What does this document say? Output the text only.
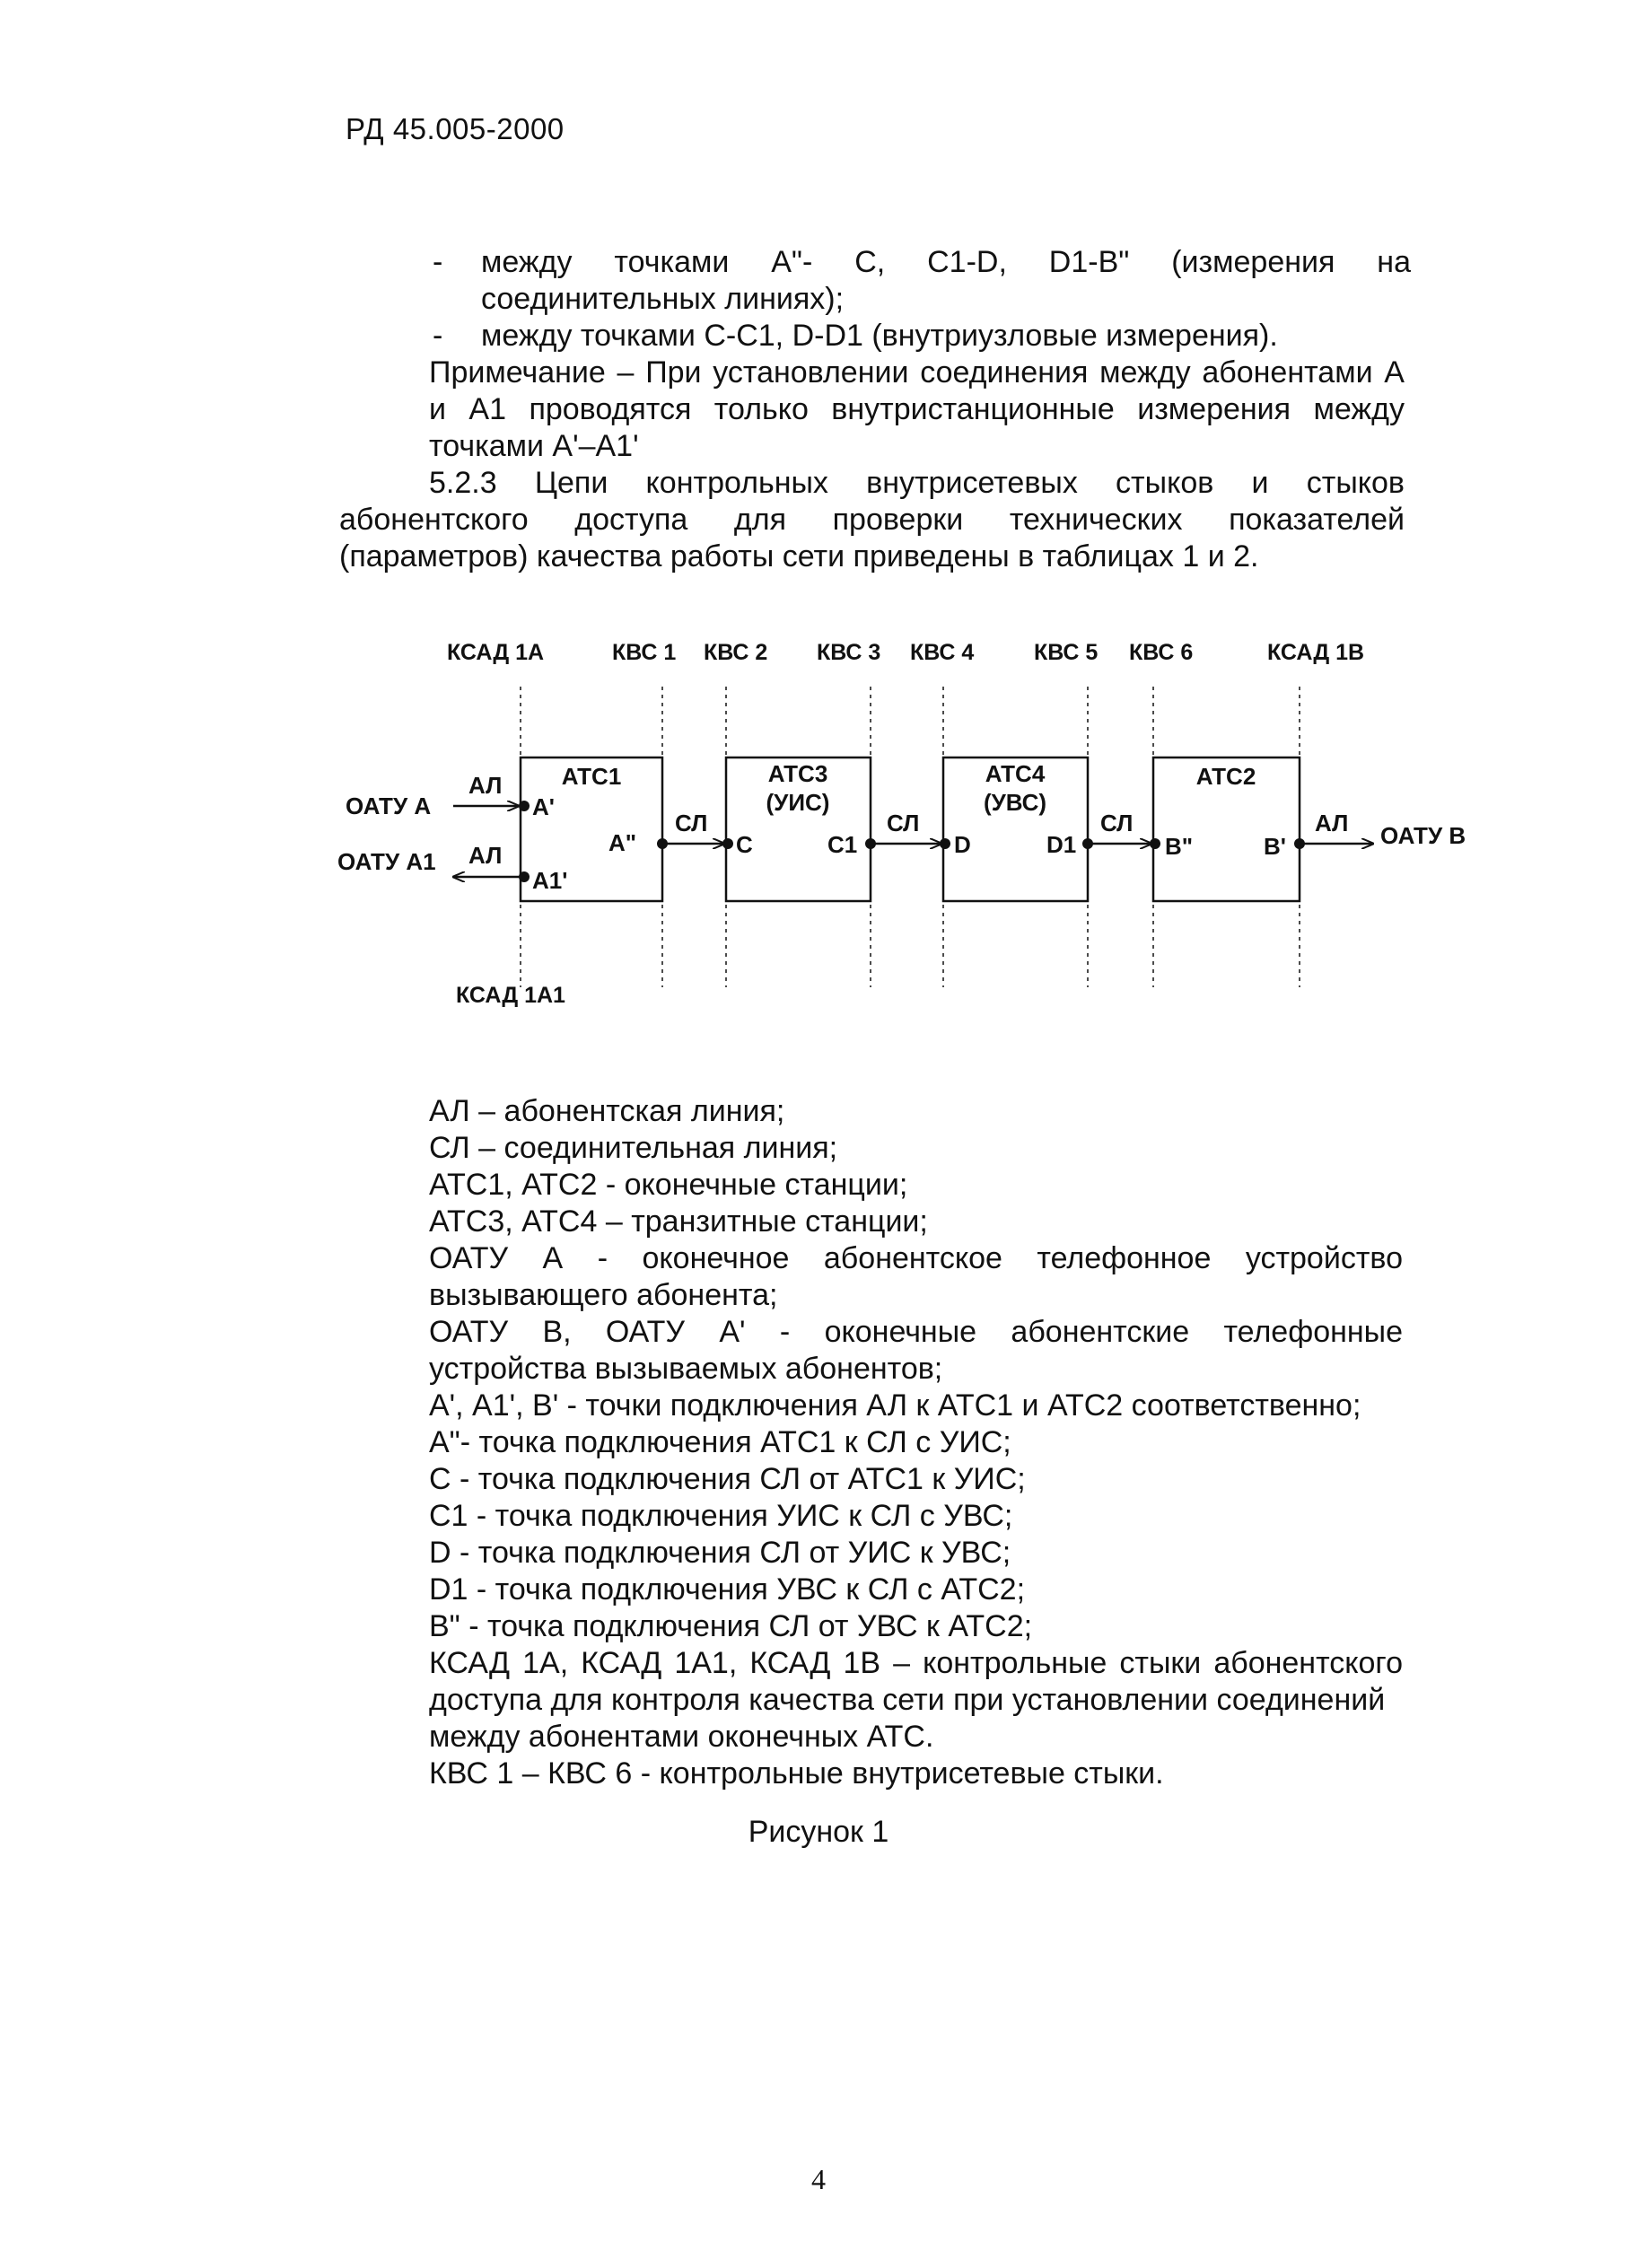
РД 45.005-2000
- между точками А"- С, С1-D, D1-В" (измерения на
соединительных линиях);
- между точками С-С1, D-D1 (внутриузловые измерения).
Примечание – При установлении соединения между абонентами А
и А1 проводятся только внутристанционные измерения между
точками А'–А1'
5.2.3 Цепи контрольных внутрисетевых стыков и стыков
абонентского доступа для проверки технических показателей
(параметров) качества работы сети приведены в таблицах 1 и 2.
КСАД 1А	КВС 1 КВС 2 КВС 3 КВС 4	КВС 5 КВС 6	КСАД 1В
КСАД 1А1
АТС1	АТС3
(УИС)
АТС4
(УВС)
АТС2
АЛ
АЛ
СЛ	СЛ	СЛ	АЛ
ОАТУ А
ОАТУ А1
ОАТУ В
A'
A1'
A"	C	C1	D	D1	B"	B'

АЛ – абонентская линия;

СЛ – соединительная линия;

АТС1, АТС2 - оконечные станции;

АТС3, АТС4 – транзитные станции;

ОАТУ А - оконечное абонентское телефонное устройство

вызывающего абонента;

ОАТУ В, ОАТУ А' - оконечные абонентские телефонные

устройства вызываемых абонентов;

А', А1', В' - точки подключения АЛ к АТС1 и АТС2 соответственно;

А"- точка подключения АТС1 к СЛ с УИС;

С - точка подключения СЛ от АТС1 к УИС;

С1 - точка подключения УИС к СЛ с УВС;

D - точка подключения СЛ от УИС к УВС;

D1 - точка подключения УВС к СЛ с АТС2;

В" - точка подключения СЛ от УВС к АТС2;

КСАД 1А, КСАД 1А1, КСАД 1В – контрольные стыки абонентского

доступа для контроля качества сети при установлении соединений

между абонентами оконечных АТС.

КВС 1 – КВС 6 - контрольные внутрисетевые стыки.

Рисунок 1
4
